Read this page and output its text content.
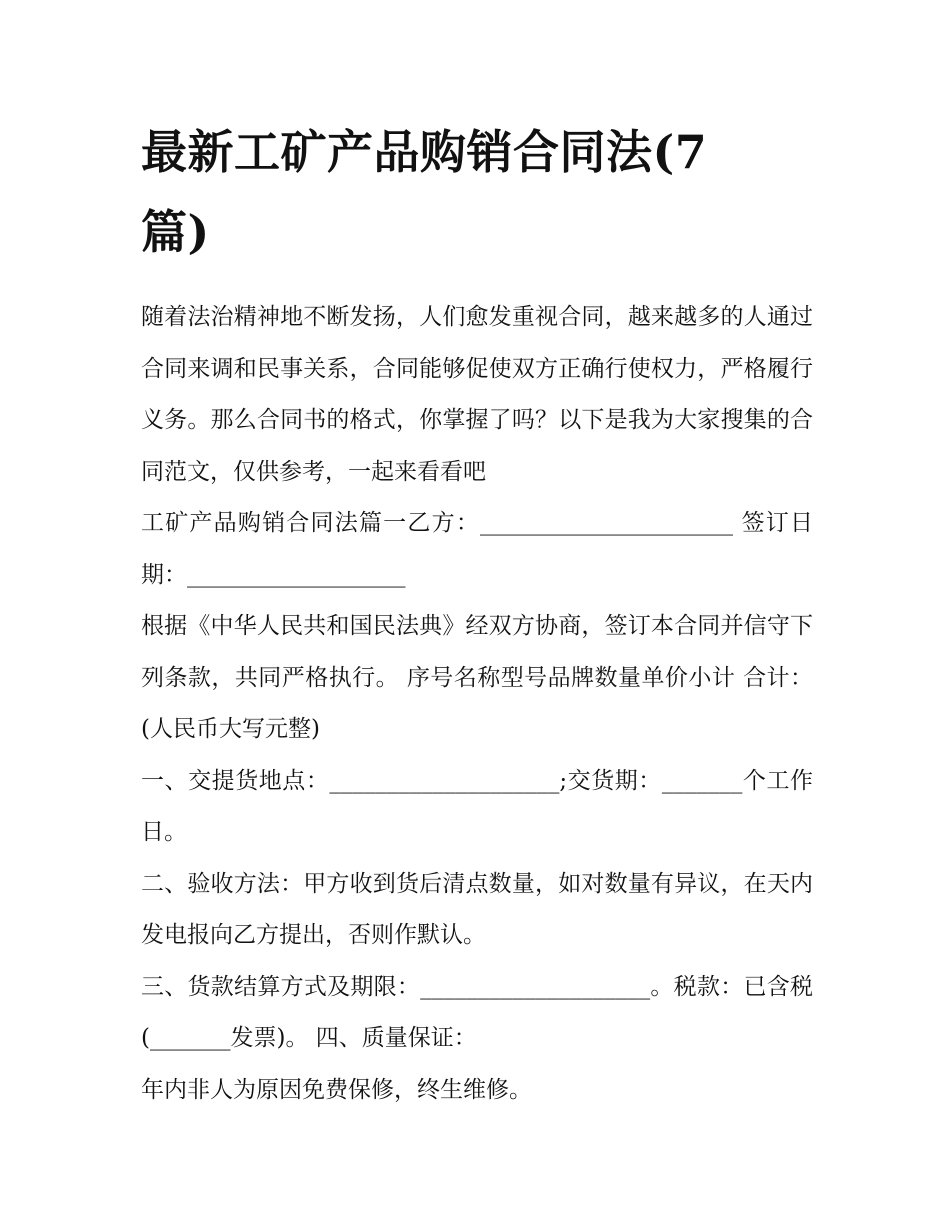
最新工矿产品购销合同法(7篇)

随着法治精神地不断发扬，人们愈发重视合同，越来越多的人通过合同来调和民事关系，合同能够促使双方正确行使权力，严格履行义务。那么合同书的格式，你掌握了吗？以下是我为大家搜集的合同范文，仅供参考，一起来看看吧

工矿产品购销合同法篇一乙方：______________________ 签订日期：___________________

根据《中华人民共和国民法典》经双方协商，签订本合同并信守下列条款，共同严格执行。 序号名称型号品牌数量单价小计 合计：(人民币大写元整)

一、交提货地点：____________________;交货期：_______个工作日。

二、验收方法：甲方收到货后清点数量，如对数量有异议，在天内发电报向乙方提出，否则作默认。

三、货款结算方式及期限：____________________。税款：已含税(_______发票)。 四、质量保证：

年内非人为原因免费保修，终生维修。
